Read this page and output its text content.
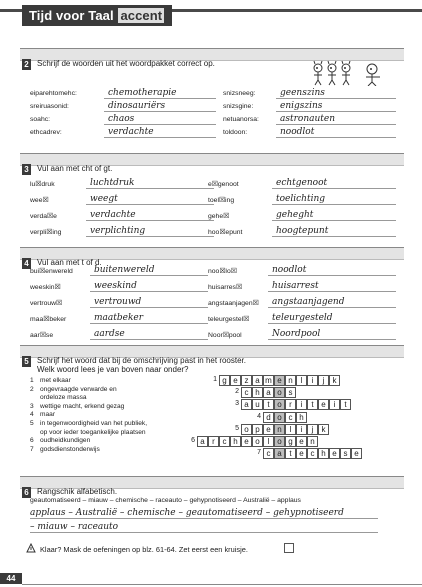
Tijd voor Taal accent
2 Schrijf de woorden uit het woordpakket correct op.
eiparehtomehc:	chemotherapie	snizsneeg:	geenszins
sreiruasonid:	dinosauriërs	snizsgine:	enigszins
soahc:	chaos	netuanorsa:	astronauten
ethcadrev:	verdachte	toldoon:	noodlot
3 Vul aan met cht of gt.
lu☒druk	luchtdruk	e☒genoot	echtgenoot
wee☒	weegt	toel☒ing	toelichting
verda☒e	verdachte	gehe☒	geheght
verpli☒ing	verplichting	hoo☒epunt	hoogtepunt
4 Vul aan met t of d.
bui☒enwereld	buitenwereld	noo☒lo☒	noodlot
weeskin☒	weeskind	huisarres☒	huisarrest
vertrouw☒	vertrouwd	angstaanjagen☒	angstaanjagend
maa☒beker	maatbeker	teleurgestel☒	teleurgesteld
aar☒se	aardse	Noor☒pool	Noordpool
5 Schrijf het woord dat bij de omschrijving past in het rooster.
Welk woord lees je van boven naar onder?
1 met elkaar
2 ongevraagde verwarde en
ordeloze massa
3 wettige macht, erkend gezag
4 maar
5 in tegenwoordigheid van het publiek,
op voor ieder toegankelijke plaatsen
6 oudheidkundigen
7 godsdienstonderwijs
1 g e z a m e n l	i	j	k
2 c h a o s
3 a u t o r	i	t e i	t
4 d o c h
5 o p e n l	i	j	k
6 a r c h e o l o g e n
7 c a t e c h e s e
6 Rangschik alfabetisch.
geautomatiseerd – miauw – chemische – raceauto – gehypnotiseerd – Australië – applaus
applaus – Australië – chemische – geautomatiseerd – gehypnotiseerd
– miauw – raceauto
Klaar? Mask de oefeningen op blz. 61-64. Zet eerst een kruisje.
44
